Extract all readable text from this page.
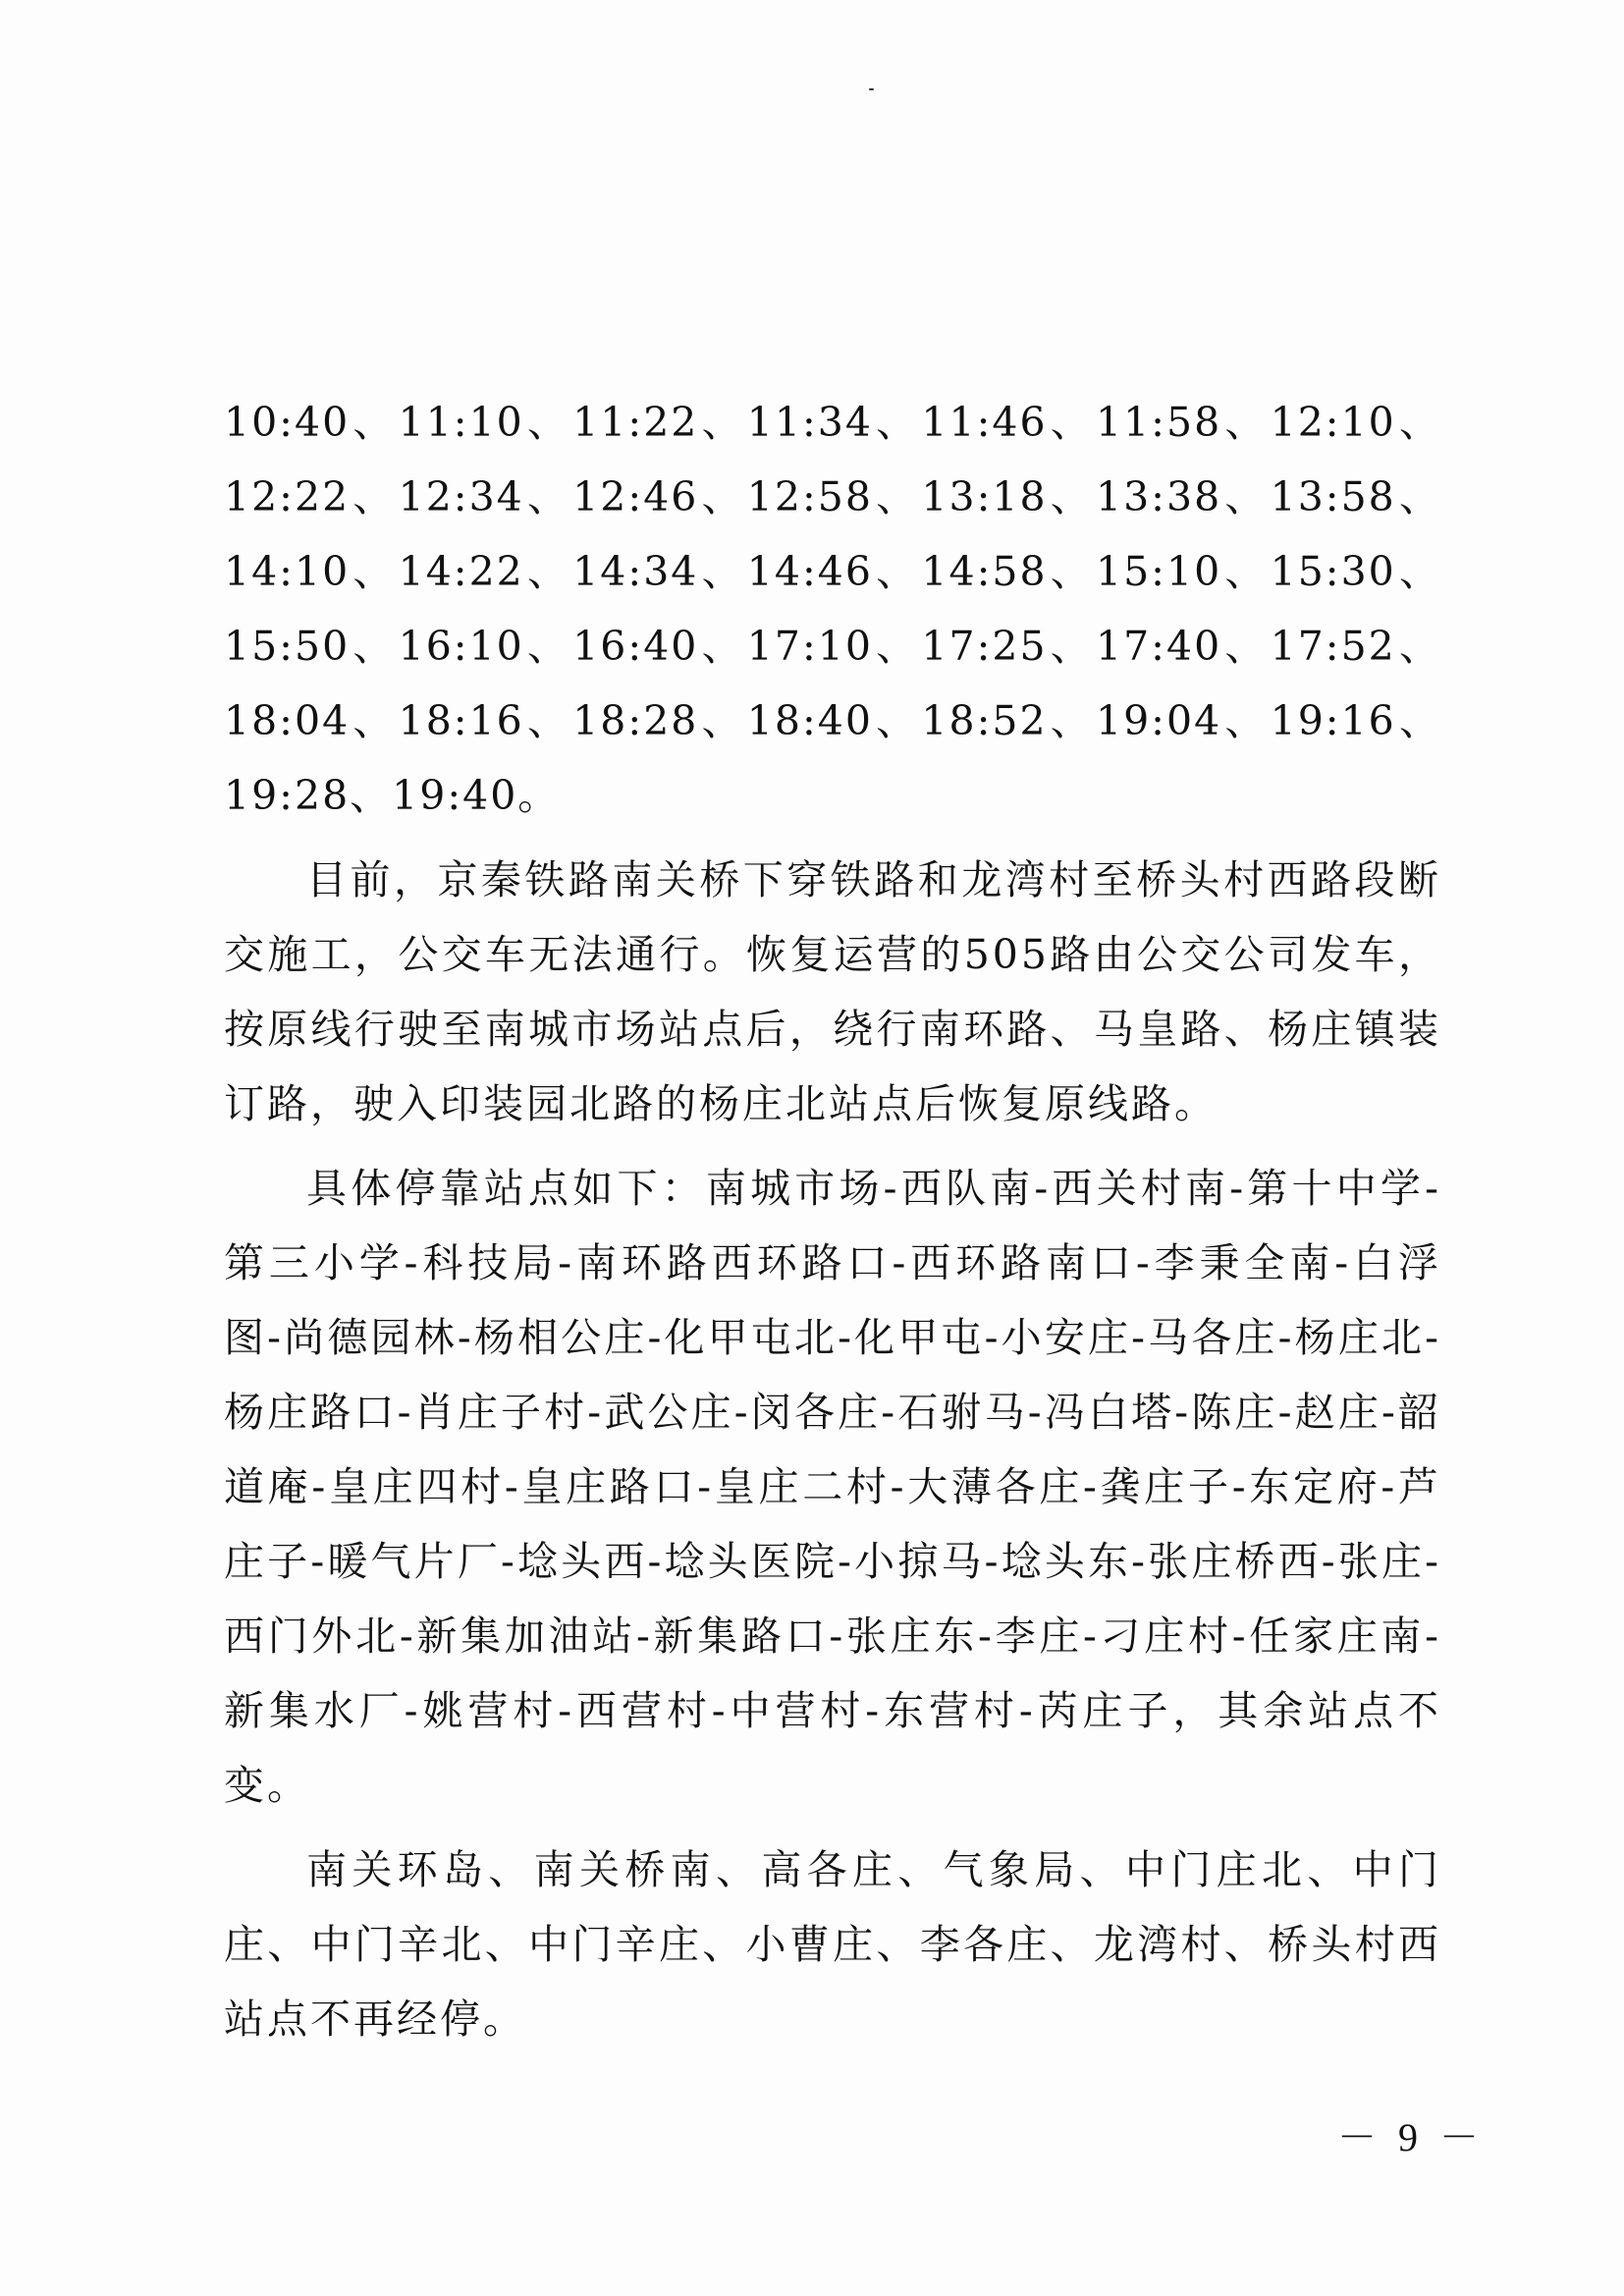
10:40、11:10、11:22、11:34、11:46、11:58、12:10、12:22、12:34、12:46、12:58、13:18、13:38、13:58、14:10、14:22、14:34、14:46、14:58、15:10、15:30、15:50、16:10、16:40、17:10、17:25、17:40、17:52、18:04、18:16、18:28、18:40、18:52、19:04、19:16、19:28、19:40。

目前，京秦铁路南关桥下穿铁路和龙湾村至桥头村西路段断交施工，公交车无法通行。恢复运营的505路由公交公司发车，按原线行驶至南城市场站点后，绕行南环路、马皇路、杨庄镇装订路，驶入印装园北路的杨庄北站点后恢复原线路。

具体停靠站点如下：南城市场-西队南-西关村南-第十中学-第三小学-科技局-南环路西环路口-西环路南口-李秉全南-白浮图-尚德园林-杨相公庄-化甲屯北-化甲屯-小安庄-马各庄-杨庄北-杨庄路口-肖庄子村-武公庄-闵各庄-石驸马-冯白塔-陈庄-赵庄-韶道庵-皇庄四村-皇庄路口-皇庄二村-大薄各庄-龚庄子-东定府-芦庄子-暖气片厂-埝头西-埝头医院-小掠马-埝头东-张庄桥西-张庄-西门外北-新集加油站-新集路口-张庄东-李庄-刁庄村-任家庄南-新集水厂-姚营村-西营村-中营村-东营村-芮庄子，其余站点不变。

南关环岛、南关桥南、高各庄、气象局、中门庄北、中门庄、中门辛北、中门辛庄、小曹庄、李各庄、龙湾村、桥头村西站点不再经停。

－ 9 －
